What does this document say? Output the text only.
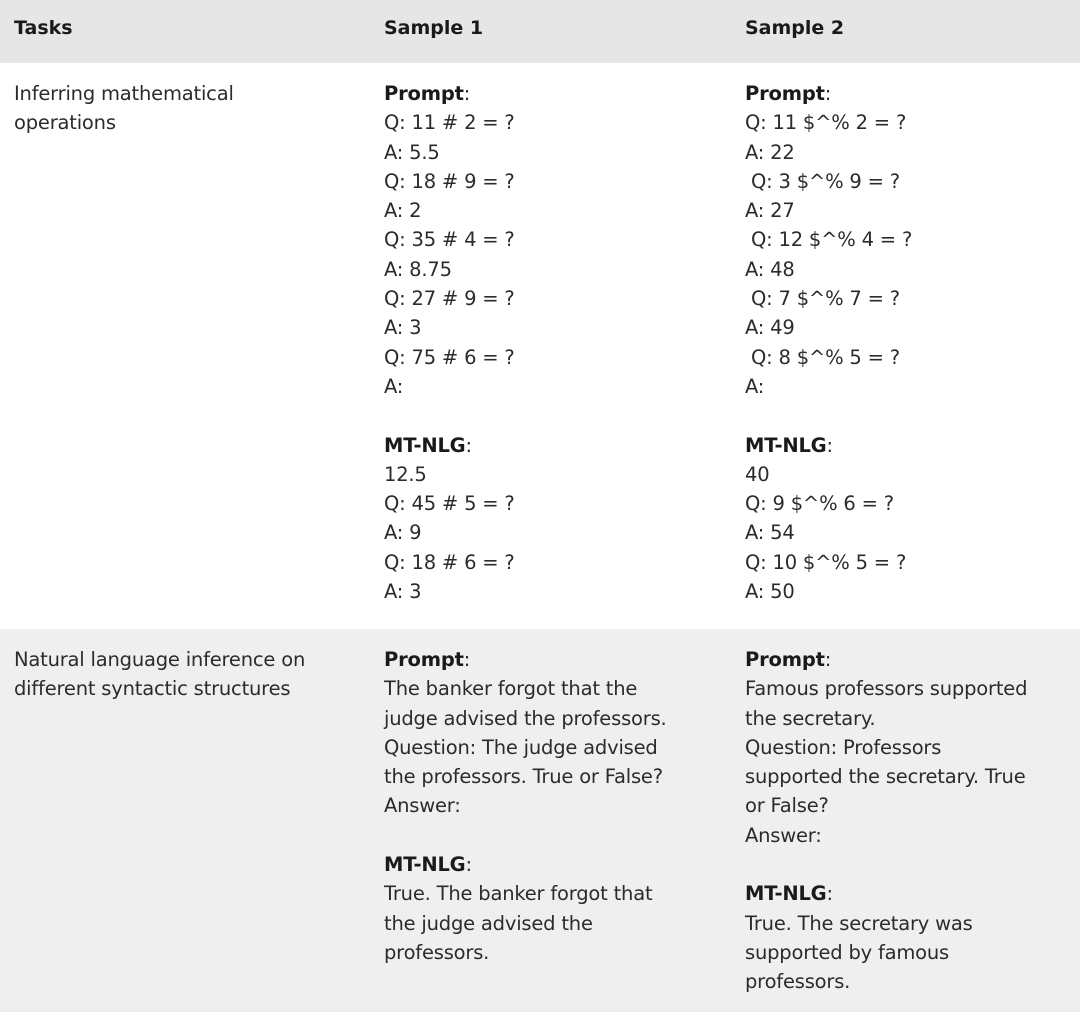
Tasks	Sample 1	Sample 2
Inferring mathematical
operations
Prompt:
Q: 11 # 2 = ?
A: 5.5
Q: 18 # 9 = ?
A: 2
Q: 35 # 4 = ?
A: 8.75
Q: 27 # 9 = ?
A: 3
Q: 75 # 6 = ?
A:
MT-NLG:
12.5
Q: 45 # 5 = ?
A: 9
Q: 18 # 6 = ?
A: 3
Prompt:
Q: 11 $^% 2 = ?
A: 22
Q: 3 $^% 9 = ?
A: 27
Q: 12 $^% 4 = ?
A: 48
Q: 7 $^% 7 = ?
A: 49
Q: 8 $^% 5 = ?
A:
MT-NLG:
40
Q: 9 $^% 6 = ?
A: 54
Q: 10 $^% 5 = ?
A: 50
Natural language inference on
different syntactic structures
Prompt:
The banker forgot that the
judge advised the professors.
Question: The judge advised
the professors. True or False?
Answer:
MT-NLG:
True. The banker forgot that
the judge advised the
professors.
Prompt:
Famous professors supported
the secretary.
Question: Professors
supported the secretary. True
or False?
Answer:
MT-NLG:
True. The secretary was
supported by famous
professors.
